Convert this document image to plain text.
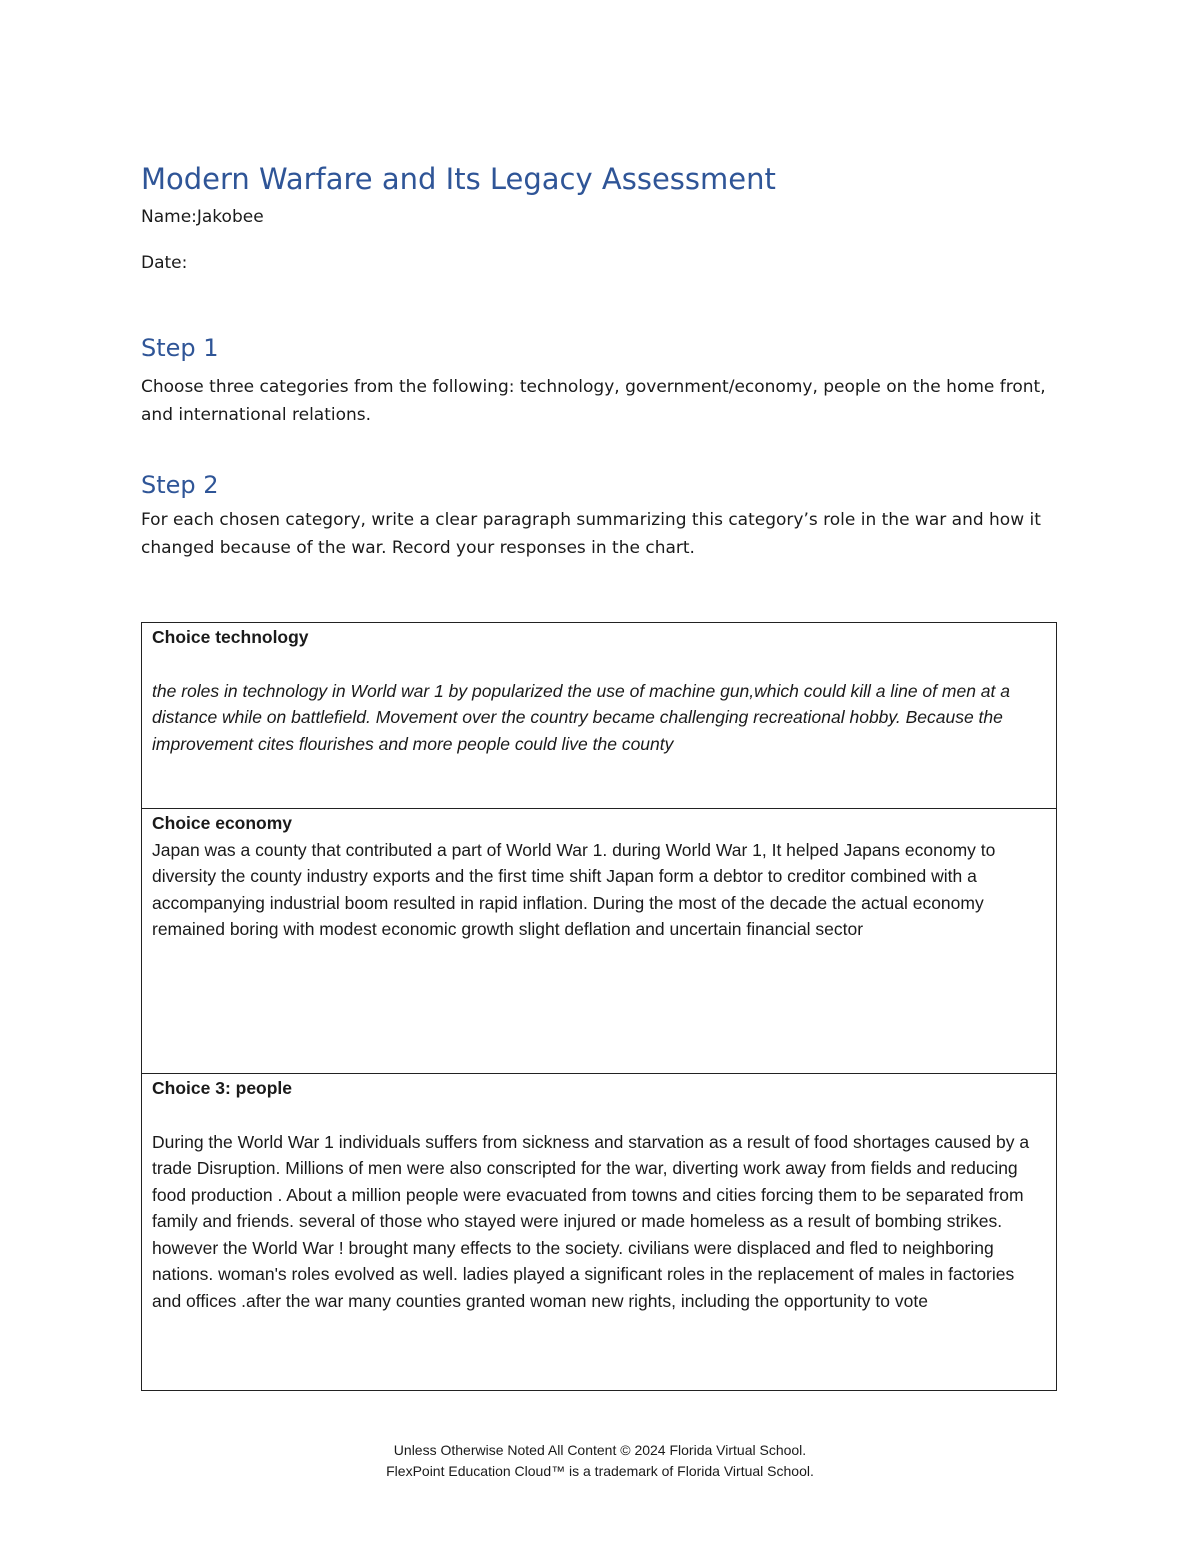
Modern Warfare and Its Legacy Assessment

Name:Jakobee

Date:

Step 1

Choose three categories from the following: technology, government/economy, people on the home front, and international relations.

Step 2

For each chosen category, write a clear paragraph summarizing this category’s role in the war and how it changed because of the war. Record your responses in the chart.

Choice technology
the roles in technology in World war 1 by popularized the use of machine gun,which could kill a line of men at a distance while on battlefield. Movement over the country became challenging recreational hobby. Because the improvement cites flourishes and more people could live the county
Choice economy
Japan was a county that contributed a part of World War 1. during World War 1, It helped Japans economy to diversity the county industry exports and the first time shift Japan form a debtor to creditor combined with a accompanying industrial boom resulted in rapid inflation. During the most of the decade the actual economy remained boring with modest economic growth slight deflation and uncertain financial sector
Choice 3: people
During the World War 1 individuals suffers from sickness and starvation as a result of food shortages caused by a trade Disruption. Millions of men were also conscripted for the war, diverting work away from fields and reducing food production . About a million people were evacuated from towns and cities forcing them to be separated from family and friends. several of those who stayed were injured or made homeless as a result of bombing strikes. however the World War ! brought many effects to the society. civilians were displaced and fled to neighboring nations. woman's roles evolved as well. ladies played a significant roles in the replacement of males in factories and offices .after the war many counties granted woman new rights, including the opportunity to vote
Unless Otherwise Noted All Content © 2024 Florida Virtual School.
FlexPoint Education Cloud™ is a trademark of Florida Virtual School.
